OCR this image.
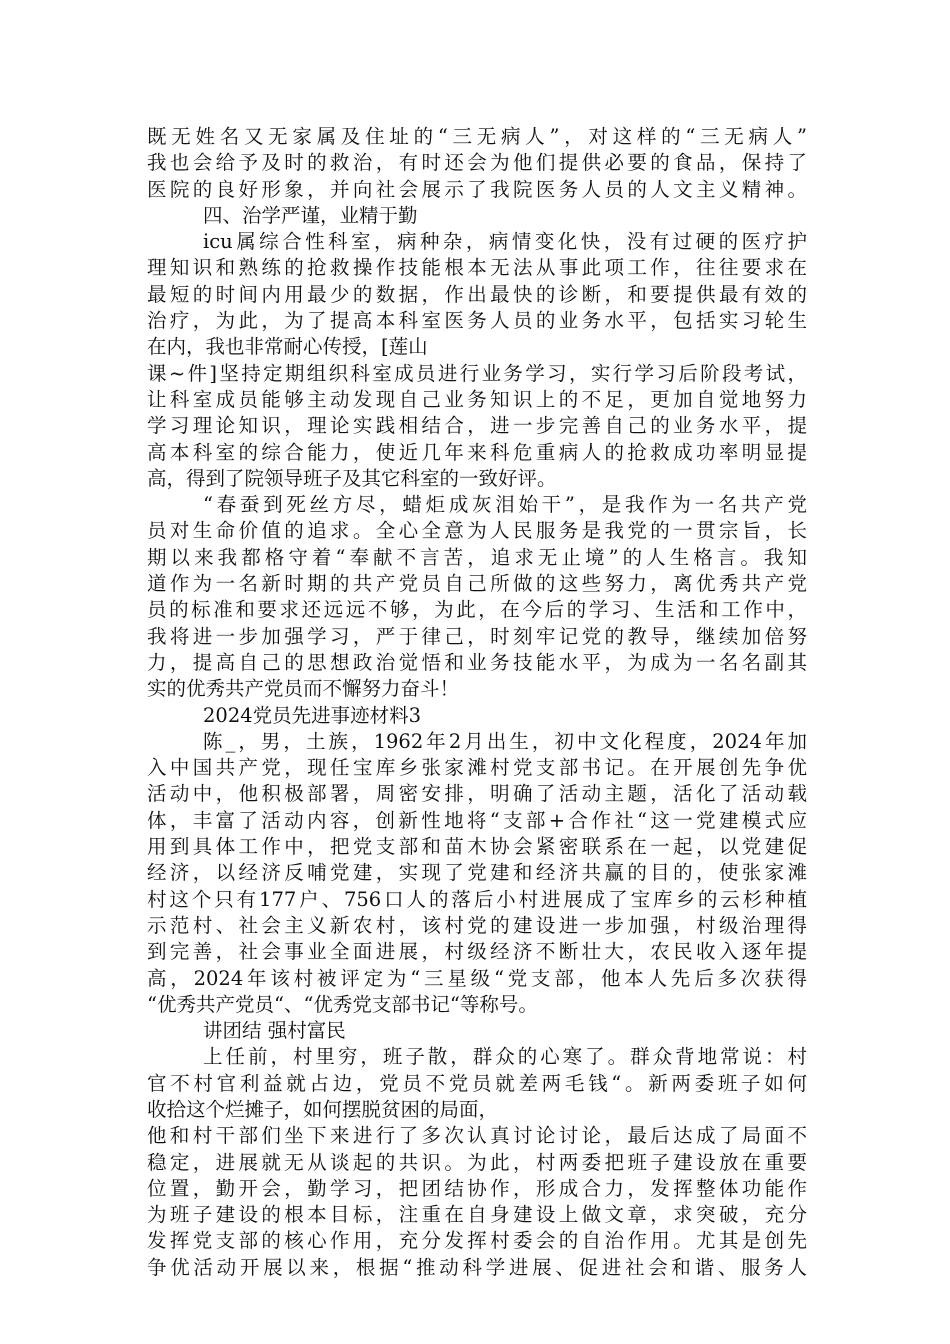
既无姓名又无家属及住址的“三无病人”，对这样的“三无病人”
我也会给予及时的救治，有时还会为他们提供必要的食品，保持了
医院的良好形象，并向社会展示了我院医务人员的人文主义精神。
四、治学严谨，业精于勤
icu属综合性科室，病种杂，病情变化快，没有过硬的医疗护
理知识和熟练的抢救操作技能根本无法从事此项工作，往往要求在
最短的时间内用最少的数据，作出最快的诊断，和要提供最有效的
治疗，为此，为了提高本科室医务人员的业务水平，包括实习轮生
在内，我也非常耐心传授，[莲山
课~件]坚持定期组织科室成员进行业务学习，实行学习后阶段考试，
让科室成员能够主动发现自己业务知识上的不足，更加自觉地努力
学习理论知识，理论实践相结合，进一步完善自己的业务水平，提
高本科室的综合能力，使近几年来科危重病人的抢救成功率明显提
高，得到了院领导班子及其它科室的一致好评。
“春蚕到死丝方尽，蜡炬成灰泪始干”，是我作为一名共产党
员对生命价值的追求。全心全意为人民服务是我党的一贯宗旨，长
期以来我都格守着“奉献不言苦，追求无止境”的人生格言。我知
道作为一名新时期的共产党员自己所做的这些努力，离优秀共产党
员的标准和要求还远远不够，为此，在今后的学习、生活和工作中，
我将进一步加强学习，严于律己，时刻牢记党的教导，继续加倍努
力，提高自己的思想政治觉悟和业务技能水平，为成为一名名副其
实的优秀共产党员而不懈努力奋斗！
2024党员先进事迹材料3
陈_，男，土族，1962年2月出生，初中文化程度，2024年加
入中国共产党，现任宝库乡张家滩村党支部书记。在开展创先争优
活动中，他积极部署，周密安排，明确了活动主题，活化了活动载
体，丰富了活动内容，创新性地将“支部+合作社“这一党建模式应
用到具体工作中，把党支部和苗木协会紧密联系在一起，以党建促
经济，以经济反哺党建，实现了党建和经济共赢的目的，使张家滩
村这个只有177户、756口人的落后小村进展成了宝库乡的云杉种植
示范村、社会主义新农村，该村党的建设进一步加强，村级治理得
到完善，社会事业全面进展，村级经济不断壮大，农民收入逐年提
高，2024年该村被评定为“三星级“党支部，他本人先后多次获得
“优秀共产党员“、“优秀党支部书记“等称号。
讲团结 强村富民
上任前，村里穷，班子散，群众的心寒了。群众背地常说：村
官不村官利益就占边，党员不党员就差两毛钱“。新两委班子如何
收拾这个烂摊子，如何摆脱贫困的局面，
他和村干部们坐下来进行了多次认真讨论讨论，最后达成了局面不
稳定，进展就无从谈起的共识。为此，村两委把班子建设放在重要
位置，勤开会，勤学习，把团结协作，形成合力，发挥整体功能作
为班子建设的根本目标，注重在自身建设上做文章，求突破，充分
发挥党支部的核心作用，充分发挥村委会的自治作用。尤其是创先
争优活动开展以来，根据“推动科学进展、促进社会和谐、服务人
